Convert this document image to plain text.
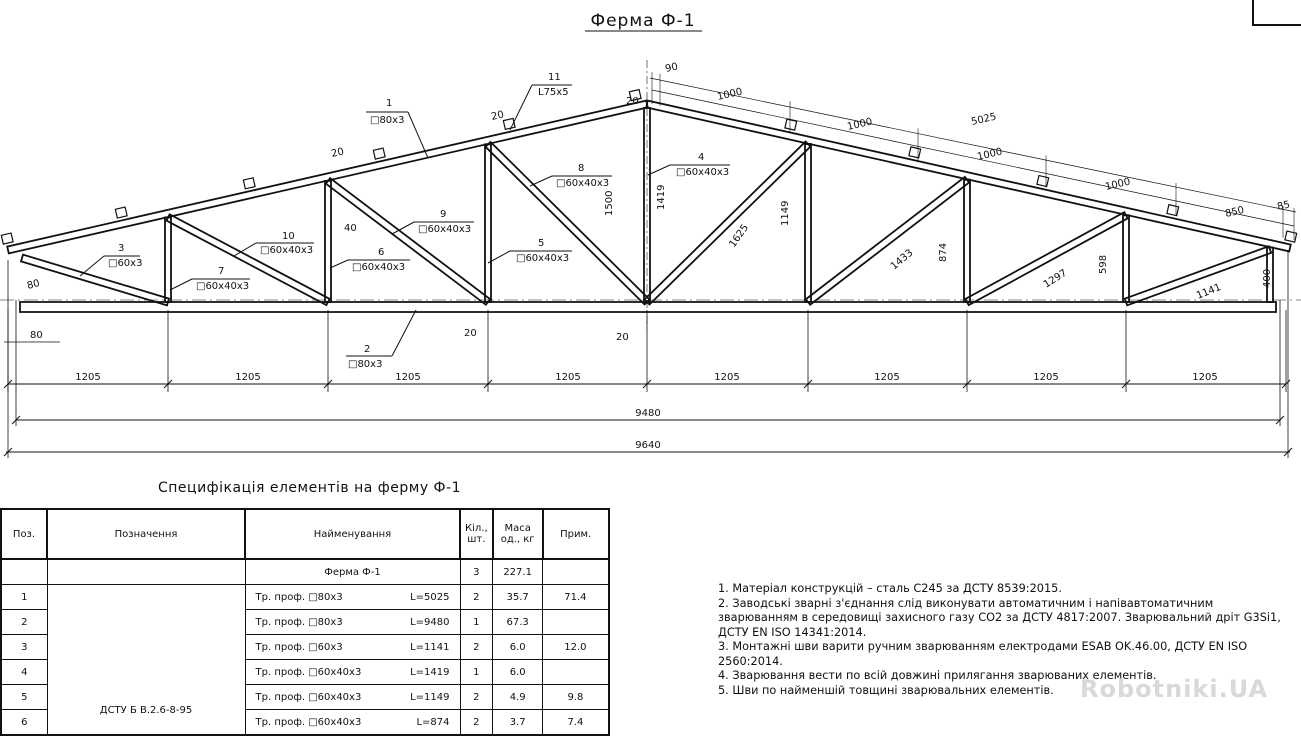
Ферма Ф-1
1
□80x3
11
L75x5
3
□60x3
7
□60x40x3
10
□60x40x3	6
□60x40x3
9
□60x40x3
8
□60x40x3
5
□60x40x3
4
□60x40x3
2
□80x3
90
1000
1000
1000
1000
850	85
5025
1500	1419
1149
874
598
400
1625
1433
1297
1141
20
20
20
40
80
80	20	20
1205	1205	1205	1205	1205	1205	1205	1205
9480
9640
Специфікація елементів на ферму Ф-1
Поз.	Позначення	Найменування	Кіл., шт.	Маса од., кг	Прим.
		Ферма Ф-1	3	227.1	
1	ДСТУ Б В.2.6-8-95	Тр. проф. □80x3 L=5025	2	35.7	71.4
2		Тр. проф. □80x3 L=9480	1	67.3	
3		Тр. проф. □60x3 L=1141	2	6.0	12.0
4		Тр. проф. □60x40x3 L=1419	1	6.0	
5		Тр. проф. □60x40x3 L=1149	2	4.9	9.8
6		Тр. проф. □60x40x3 L=874	2	3.7	7.4
1. Матеріал конструкцій – сталь С245 за ДСТУ 8539:2015.
2. Заводські зварні з'єднання слід виконувати автоматичним і напівавтоматичним зварюванням в середовищі захисного газу СО2 за ДСТУ 4817:2007. Зварювальний дріт G3Si1, ДСТУ EN ISO 14341:2014.
3. Монтажні шви варити ручним зварюванням електродами ESAB OK.46.00, ДСТУ EN ISO 2560:2014.
4. Зварювання вести по всій довжині прилягання зварюваних елементів.
5. Шви по найменшій товщині зварювальних елементів.	Robotniki.UA
